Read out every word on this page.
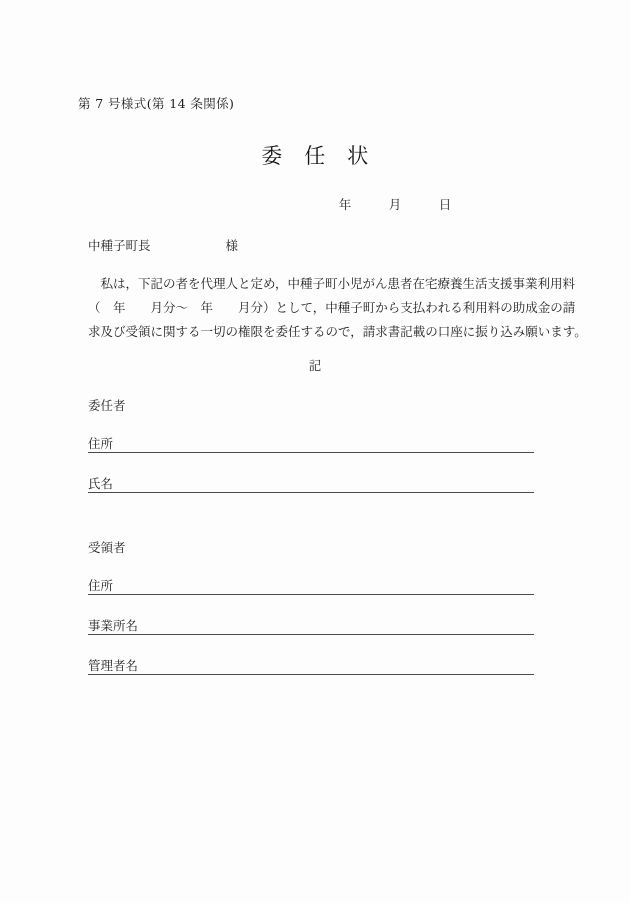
第 7 号様式(第 14 条関係)
委　任　状
年　　　月　　　日
中種子町長　　　　　　様
　私は，下記の者を代理人と定め，中種子町小児がん患者在宅療養生活支援事業利用料
（　年　　月分〜　年　　月分）として，中種子町から支払われる利用料の助成金の請
求及び受領に関する一切の権限を委任するので，請求書記載の口座に振り込み願います。
記
委任者
住所
氏名
受領者
住所
事業所名
管理者名
